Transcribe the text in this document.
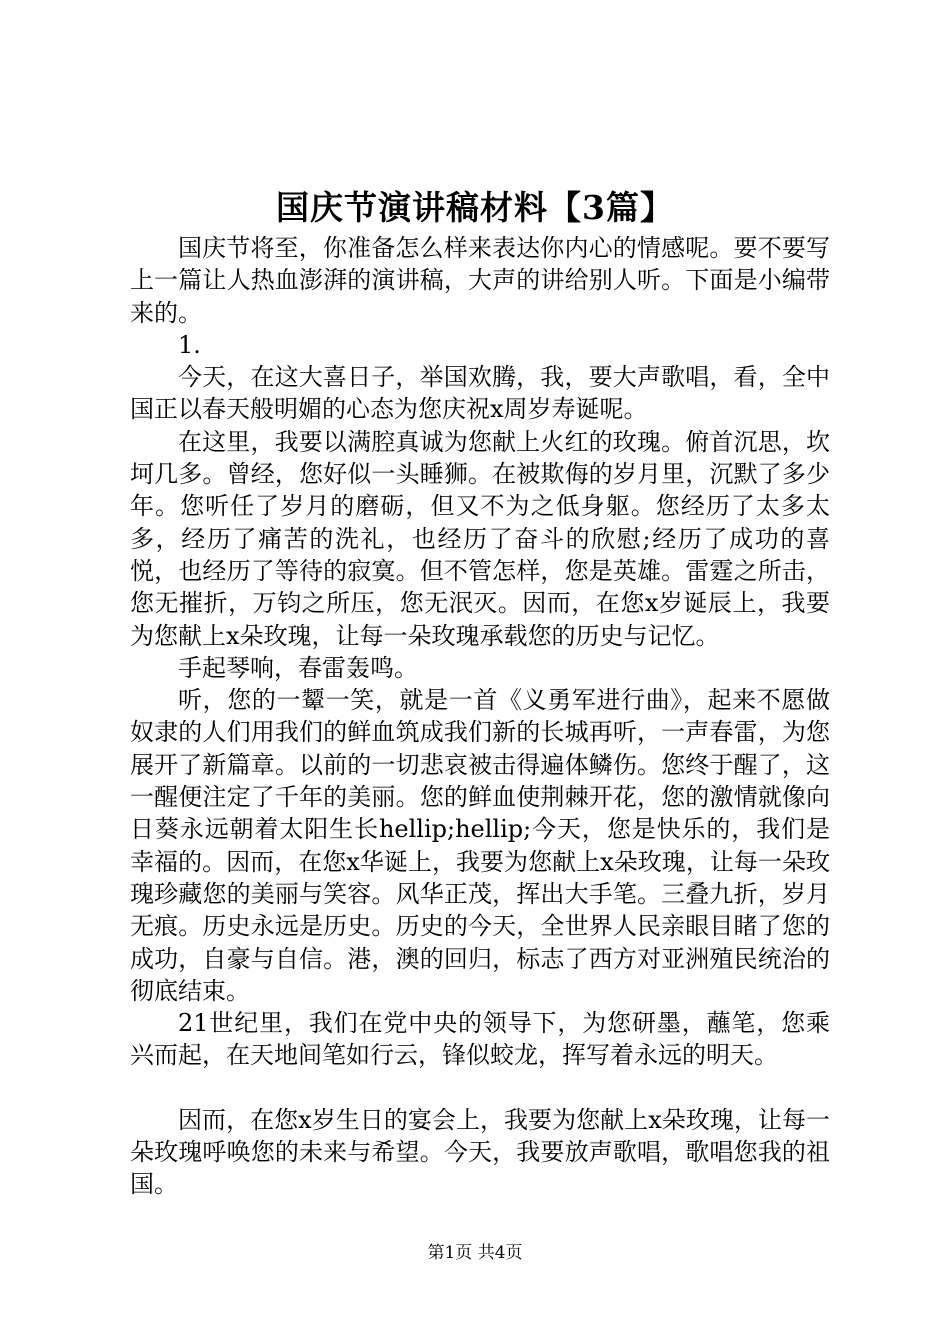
国庆节演讲稿材料【3篇】

国庆节将至，你准备怎么样来表达你内心的情感呢。要不要写上一篇让人热血澎湃的演讲稿，大声的讲给别人听。下面是小编带来的。

1.

今天，在这大喜日子，举国欢腾，我，要大声歌唱，看，全中国正以春天般明媚的心态为您庆祝x周岁寿诞呢。

在这里，我要以满腔真诚为您献上火红的玫瑰。俯首沉思，坎坷几多。曾经，您好似一头睡狮。在被欺侮的岁月里，沉默了多少年。您听任了岁月的磨砺，但又不为之低身躯。您经历了太多太多，经历了痛苦的洗礼，也经历了奋斗的欣慰;经历了成功的喜悦，也经历了等待的寂寞。但不管怎样，您是英雄。雷霆之所击，您无摧折，万钧之所压，您无泯灭。因而，在您x岁诞辰上，我要为您献上x朵玫瑰，让每一朵玫瑰承载您的历史与记忆。

手起琴响，春雷轰鸣。

听，您的一颦一笑，就是一首《义勇军进行曲》，起来不愿做奴隶的人们用我们的鲜血筑成我们新的长城再听，一声春雷，为您展开了新篇章。以前的一切悲哀被击得遍体鳞伤。您终于醒了，这一醒便注定了千年的美丽。您的鲜血使荆棘开花，您的激情就像向日葵永远朝着太阳生长hellip;hellip;今天，您是快乐的，我们是幸福的。因而，在您x华诞上，我要为您献上x朵玫瑰，让每一朵玫瑰珍藏您的美丽与笑容。风华正茂，挥出大手笔。三叠九折，岁月无痕。历史永远是历史。历史的今天，全世界人民亲眼目睹了您的成功，自豪与自信。港，澳的回归，标志了西方对亚洲殖民统治的彻底结束。

21世纪里，我们在党中央的领导下，为您研墨，蘸笔，您乘兴而起，在天地间笔如行云，锋似蛟龙，挥写着永远的明天。

因而，在您x岁生日的宴会上，我要为您献上x朵玫瑰，让每一朵玫瑰呼唤您的未来与希望。今天，我要放声歌唱，歌唱您我的祖国。

第1页 共4页
